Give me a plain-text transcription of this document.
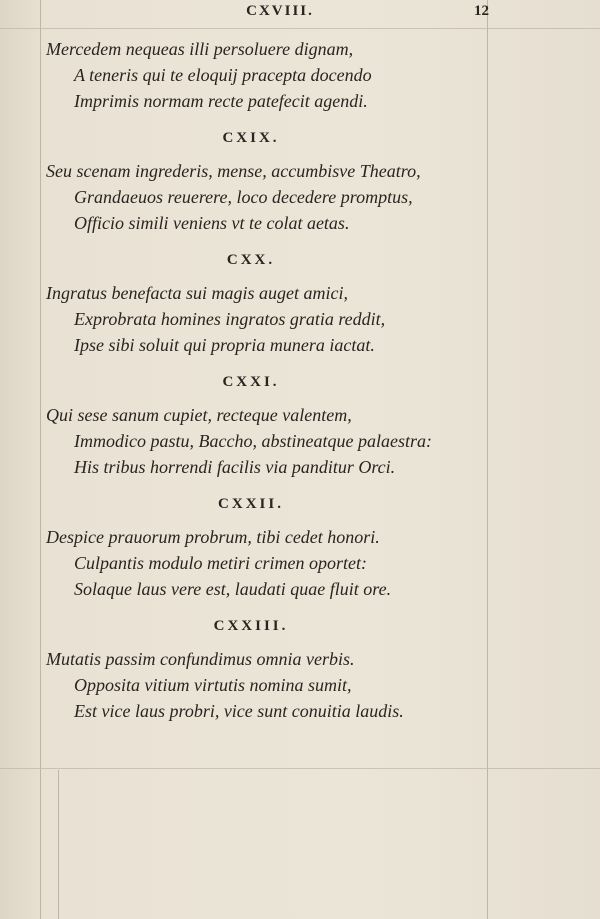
CXVIII.	12
Mercedem nequeas illi persoluere dignam,
A teneris qui te eloquij pracepta docendo
Imprimis normam recte patefecit agendi.
CXIX.
Seu scenam ingrederis, mense, accumbisve Theatro,
Grandaeuos reuerere, loco decedere promptus,
Officio simili veniens vt te colat aetas.
CXX.
Ingratus benefacta sui magis auget amici,
Exprobrata homines ingratos gratia reddit,
Ipse sibi soluit qui propria munera iactat.
CXXI.
Qui sese sanum cupiet, recteque valentem,
Immodico pastu, Baccho, abstineatque palaestra:
His tribus horrendi facilis via panditur Orci.
CXXII.
Despice prauorum probrum, tibi cedet honori.
Culpantis modulo metiri crimen oportet:
Solaque laus vere est, laudati quae fluit ore.
CXXIII.
Mutatis passim confundimus omnia verbis.
Opposita vitium virtutis nomina sumit,
Est vice laus probri, vice sunt conuitia laudis.
